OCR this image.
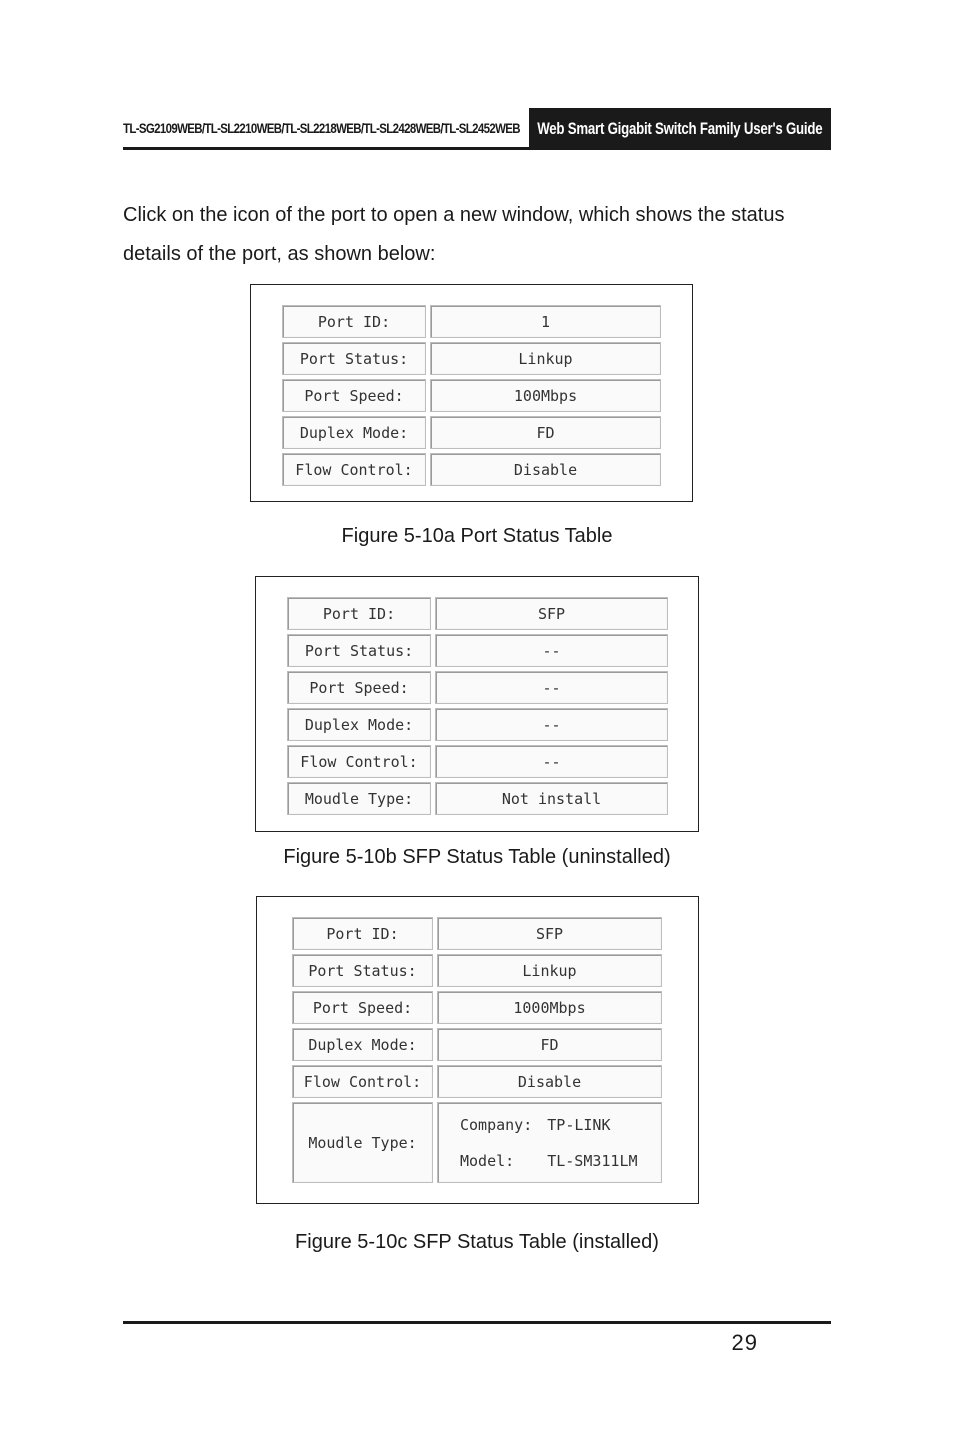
TL-SG2109WEB/TL-SL2210WEB/TL-SL2218WEB/TL-SL2428WEB/TL-SL2452WEB Web Smart Gigabit Switch Family User's Guide

Click on the icon of the port to open a new window, which shows the status

details of the port, as shown below:

Port ID:	1
Port Status:	Linkup
Port Speed:	100Mbps
Duplex Mode:	FD
Flow Control:	Disable
Figure 5-10a Port Status Table
Port ID:	SFP
Port Status:	--
Port Speed:	--
Duplex Mode:	--
Flow Control:	--
Moudle Type:	Not install
Figure 5-10b SFP Status Table (uninstalled)
Port ID:	SFP
Port Status:	Linkup
Port Speed:	1000Mbps
Duplex Mode:	FD
Flow Control:	Disable
Moudle Type:	Company: TP-LINK
Model: TL-SM311LM
Figure 5-10c SFP Status Table (installed)
29
